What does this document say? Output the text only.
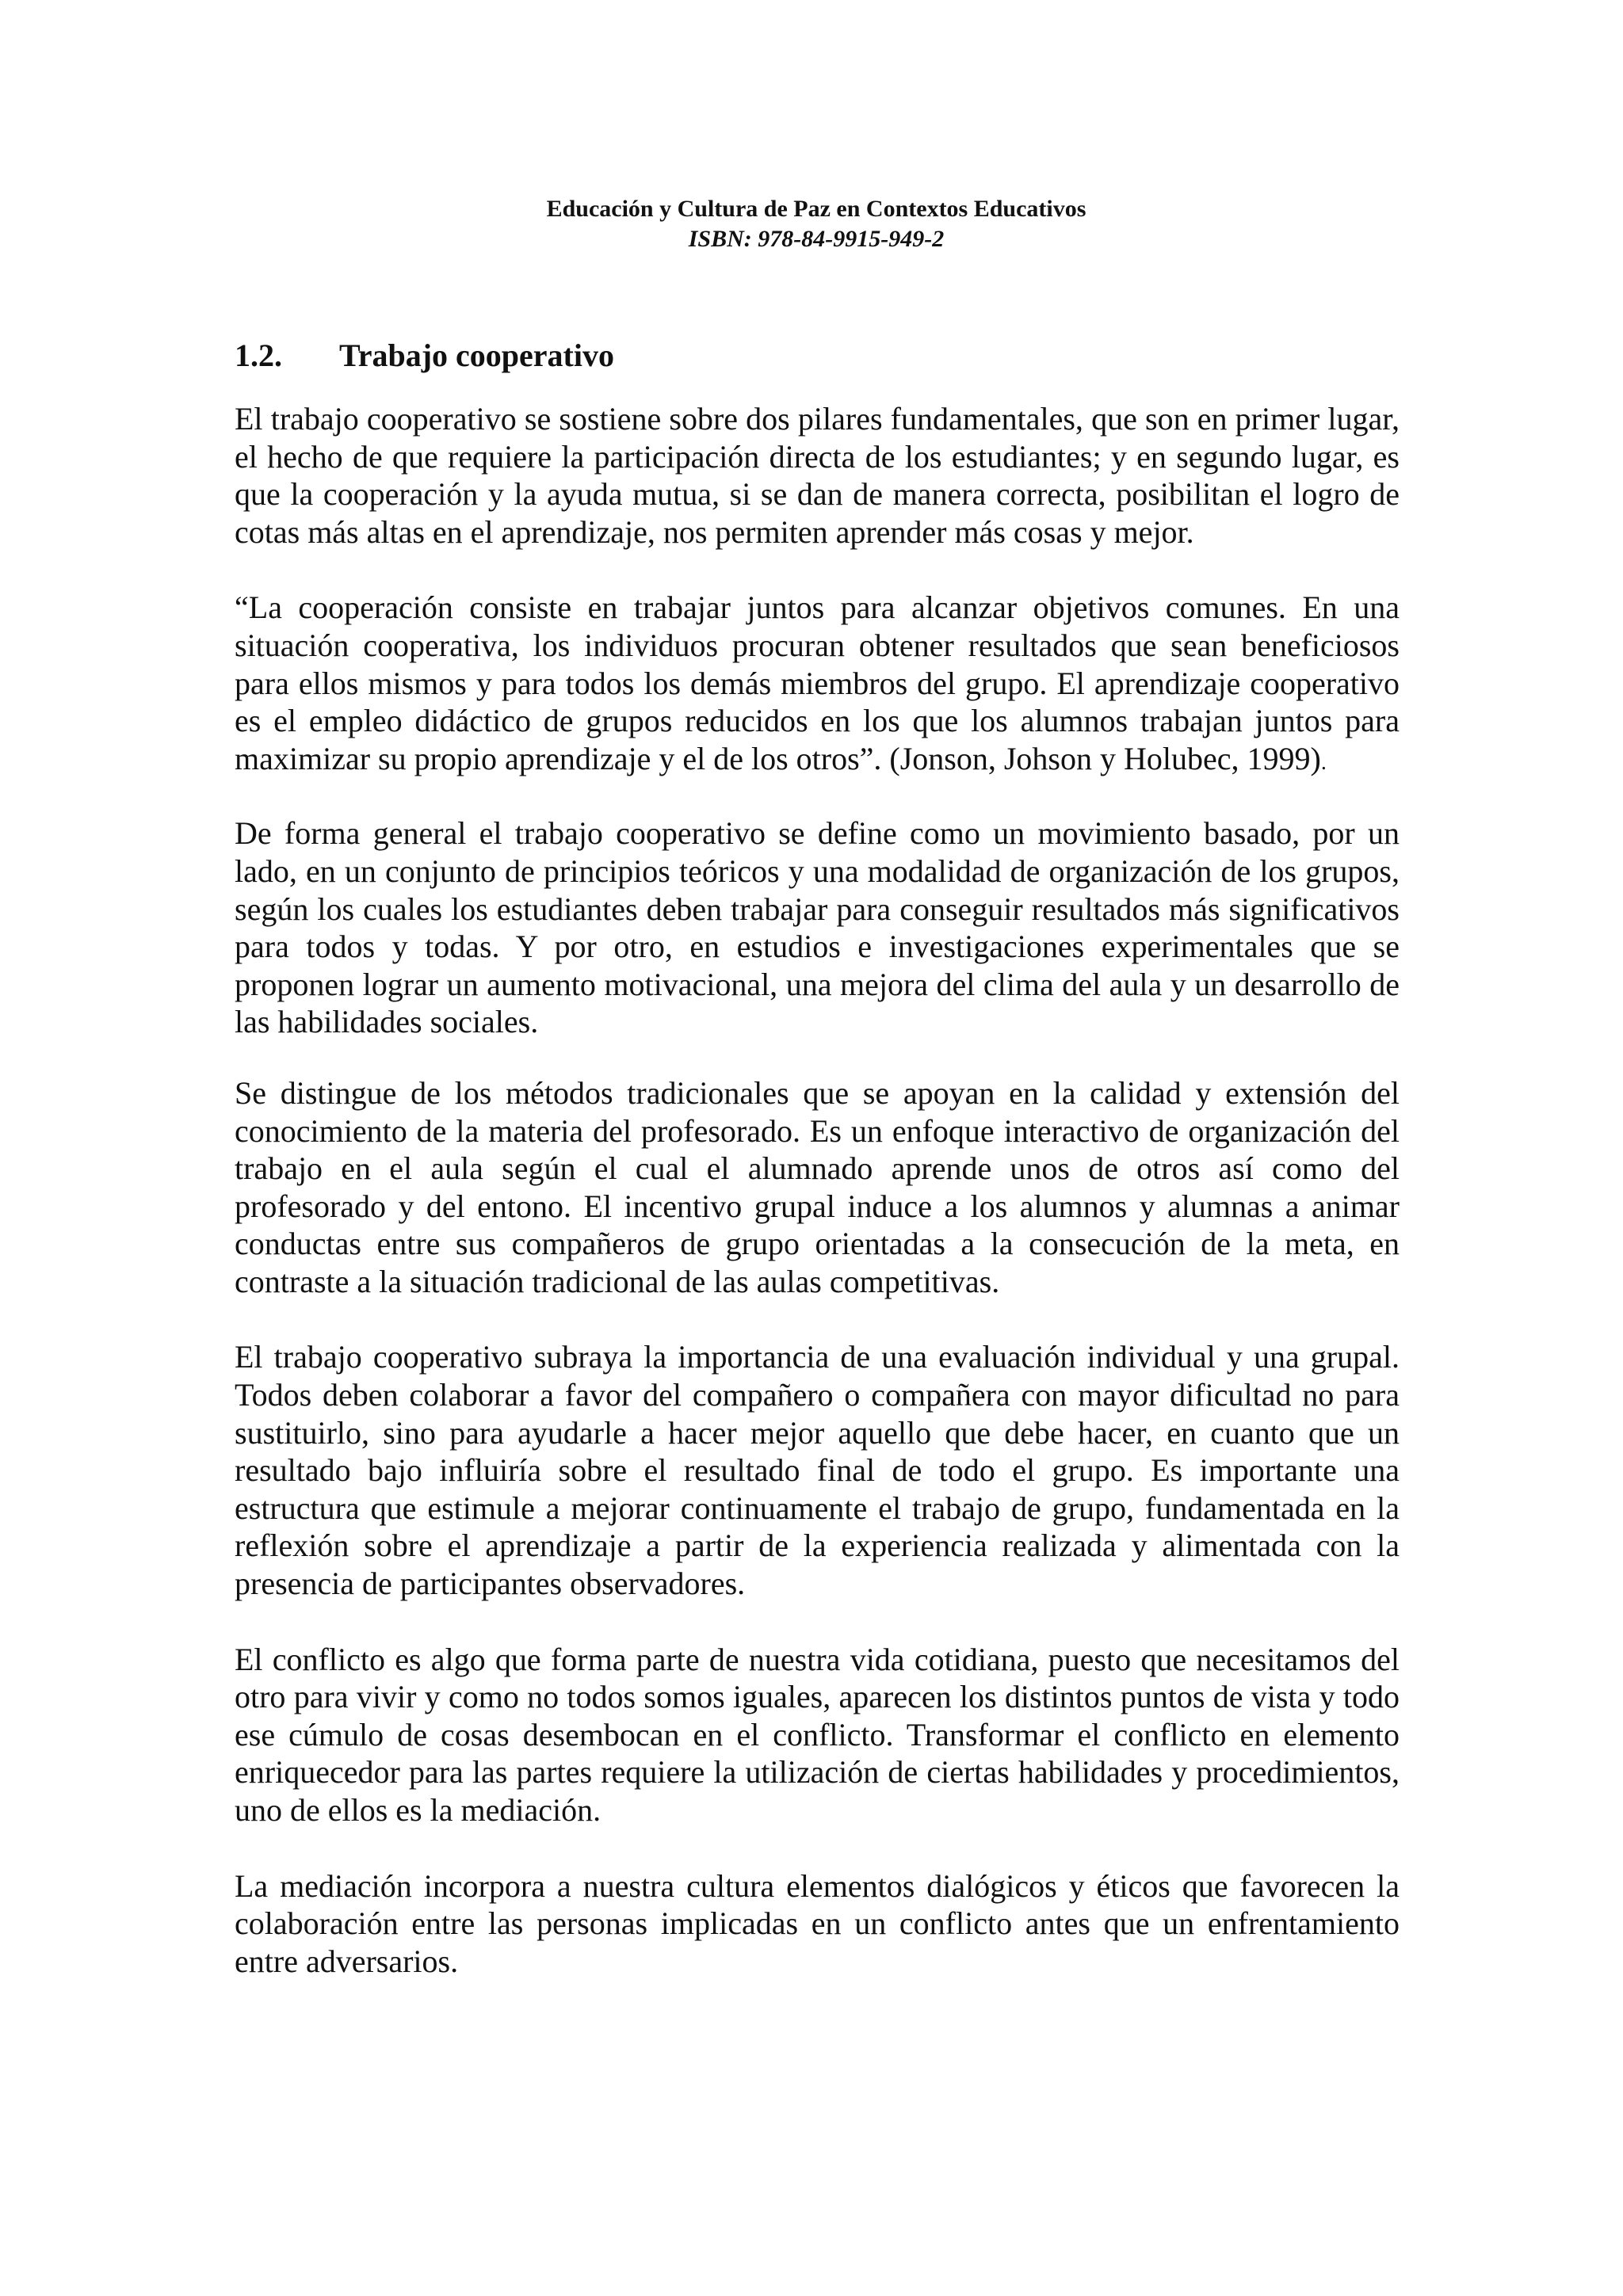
Educación y Cultura de Paz en Contextos Educativos
ISBN: 978-84-9915-949-2
1.2. Trabajo cooperativo

El trabajo cooperativo se sostiene sobre dos pilares fundamentales, que son en primer lugar, el hecho de que requiere la participación directa de los estudiantes; y en segundo lugar, es que la cooperación y la ayuda mutua, si se dan de manera correcta, posibilitan el logro de cotas más altas en el aprendizaje, nos permiten aprender más cosas y mejor.

“La cooperación consiste en trabajar juntos para alcanzar objetivos comunes. En una situación cooperativa, los individuos procuran obtener resultados que sean beneficiosos para ellos mismos y para todos los demás miembros del grupo. El aprendizaje cooperativo es el empleo didáctico de grupos reducidos en los que los alumnos trabajan juntos para maximizar su propio aprendizaje y el de los otros”. (Jonson, Johson y Holubec, 1999).

De forma general el trabajo cooperativo se define como un movimiento basado, por un lado, en un conjunto de principios teóricos y una modalidad de organización de los grupos, según los cuales los estudiantes deben trabajar para conseguir resultados más significativos para todos y todas. Y por otro, en estudios e investigaciones experimentales que se proponen lograr un aumento motivacional, una mejora del clima del aula y un desarrollo de las habilidades sociales.

Se distingue de los métodos tradicionales que se apoyan en la calidad y extensión del conocimiento de la materia del profesorado. Es un enfoque interactivo de organización del trabajo en el aula según el cual el alumnado aprende unos de otros así como del profesorado y del entono. El incentivo grupal induce a los alumnos y alumnas a animar conductas entre sus compañeros de grupo orientadas a la consecución de la meta, en contraste a la situación tradicional de las aulas competitivas.

El trabajo cooperativo subraya la importancia de una evaluación individual y una grupal. Todos deben colaborar a favor del compañero o compañera con mayor dificultad no para sustituirlo, sino para ayudarle a hacer mejor aquello que debe hacer, en cuanto que un resultado bajo influiría sobre el resultado final de todo el grupo. Es importante una estructura que estimule a mejorar continuamente el trabajo de grupo, fundamentada en la reflexión sobre el aprendizaje a partir de la experiencia realizada y alimentada con la presencia de participantes observadores.

El conflicto es algo que forma parte de nuestra vida cotidiana, puesto que necesitamos del otro para vivir y como no todos somos iguales, aparecen los distintos puntos de vista y todo ese cúmulo de cosas desembocan en el conflicto. Transformar el conflicto en elemento enriquecedor para las partes requiere la utilización de ciertas habilidades y procedimientos, uno de ellos es la mediación.

La mediación incorpora a nuestra cultura elementos dialógicos y éticos que favorecen la colaboración entre las personas implicadas en un conflicto antes que un enfrentamiento entre adversarios.
